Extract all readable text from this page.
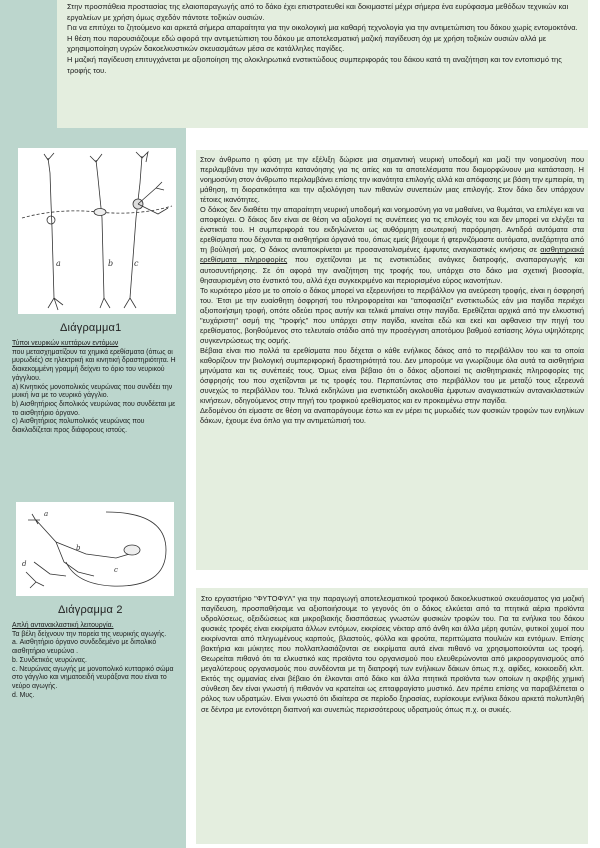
Στην προσπάθεια προστασίας της ελαιοπαραγωγής από το δάκο έχει επιστρατευθεί και δοκιμαστεί μέχρι σήμερα ένα ευρύφασμα μεθόδων τεχνικών και εργαλείων με χρήση όμως σχεδόν πάντοτε τοξικών ουσιών.

Για να επιτύχει το ζητούμενο και αρκετά σήμερα απαραίτητα για την οικολογική μια καθαρή τεχνολογία για την αντιμετώπιση του δάκου χωρίς εντομοκτόνα.

Η θέση που παρουσιάζουμε εδώ αφορά την αντιμετώπιση του δάκου με αποτελεσματική μαζική παγίδευση όχι με χρήση τοξικών ουσιών αλλά με χρησιμοποίηση υγρών δακοελκυστικών σκευασμάτων μέσα σε κατάλληλες παγίδες.

Η μαζική παγίδευση επιτυγχάνεται με αξιοποίηση της ολοκληρωτικά ενστικτώδους συμπεριφοράς του δάκου κατά τη αναζήτηση και τον εντοπισμό της τροφής του.

a	b	c
Διάγραμμα1
Τύποι νευρικών κυττάρων εντόμων
που μετασχηματίζουν τα χημικά ερεθίσματα (όπως οι μυρωδιές) σε ηλεκτρική και κινητική δραστηριότητα. Η διακεκομμένη γραμμή δείχνει το όριο του νευρικού γάγγλιου.
a) Κινητικός μονοπολικός νευρώνας που συνδέει την μυική ίνα με το νευρικό γάγγλιο.
b) Αισθητήριος διπολικός νευρώνας που συνδέεται με το αισθητήριο όργανο.
c) Αισθητήριος πολυπολικός νευρώνας που διακλαδίζεται προς διάφορους ιστούς.

Στον άνθρωπο η φύση με την εξέλιξη δώρισε μια σημαντική νευρική υποδομή και μαζί την νοημοσύνη που περιλαμβάνει την ικανότητα κατανόησης για τις αιτίες και τα αποτελέσματα που διαμορφώνουν μια κατάσταση. Η νοημοσύνη στον άνθρωπο περιλαμβάνει επίσης την ικανότητα επιλογής αλλά και απόφασης με βάση την εμπειρία, τη μάθηση, τη διορατικότητα και την αξιολόγηση των πιθανών συνεπειών μιας επιλογής. Στον δάκο δεν υπάρχουν τέτοιες ικανότητες.

Ο δάκος δεν διαθέτει την απαραίτητη νευρική υποδομή και νοημοσύνη για να μαθαίνει, να θυμάται, να επιλέγει και να αποφεύγει. Ο δάκος δεν είναι σε θέση να αξιολογεί τις συνέπειες για τις επιλογές του και δεν μπορεί να ελέγξει τα ένστικτά του. Η συμπεριφορά του εκδηλώνεται ως αυθόρμητη εσωτερική παρόρμηση. Αντιδρά αυτόματα στα ερεθίσματα που δέχονται τα αισθητήρια όργανά του, όπως εμείς βήχουμε ή φτερνιζόμαστε αυτόματα, ανεξάρτητα από τη βούλησή μας. Ο δάκος ανταποκρίνεται με προσανατολισμένες έμφυτες αναγκαστικές κινήσεις σε αισθητηριακά ερεθίσματα πληροφορίες που σχετίζονται με τις ενστικτώδεις ανάγκες διατροφής, αναπαραγωγής και αυτοσυντήρησης. Σε ότι αφορά την αναζήτηση της τροφής του, υπάρχει στο δάκο μια σχετική βιοσοφία, θησαυρισμένη στο ένστικτό του, αλλά έχει συγκεκριμένο και περιορισμένο εύρος ικανοτήτων.

Το κυριότερο μέσο με το οποίο ο δάκος μπορεί να εξερευνήσει το περιβάλλον για ανεύρεση τροφής, είναι η όσφρησή του. Έτσι με την ευαίσθητη όσφρησή του πληροφορείται και "αποφασίζει" ενστικτωδώς εάν μια παγίδα περιέχει αξιοποιήσιμη τροφή, οπότε οδεύει προς αυτήν και τελικά μπαίνει στην παγίδα. Ερεθίζεται αρχικά από την ελκυστική "ευχάριστη" οσμή της "τροφής" που υπάρχει στην παγίδα, κινείται εδώ και εκεί και αφθανεισ την πηγή του ερεθίσματος, βοηθούμενος στο τελευταίο στάδιο από την προσέγγιση αποτόμου βαθμού εστίασης λόγω υψηλότερης συγκεντρώσεως της οσμής.

Βέβαια είναι πιο πολλά τα ερεθίσματα που δέχεται ο κάθε ενήλικος δάκος από το περιβάλλον του και τα οποία καθορίζουν την βιολογική συμπεριφορική δραστηριότητά του. Δεν μπορούμε να γνωρίζουμε όλα αυτά τα αισθητήρια μηνύματα και τις συνέπειές τους. Όμως είναι βέβαιο ότι ο δάκος αξιοποιεί τις αισθητηριακές πληροφορίες της όσφρησής του που σχετίζονται με τις τροφές του. Περπατώντας στο περιβάλλον του με μεταξύ τους εξερευνά συνεχώς το περιβάλλον του. Τελικά εκδηλώνει μια ενστικτώδη ακολουθία έμφυτων αναγκαστικών αντανακλαστικών κινήσεων, οδηγούμενος στην πηγή του τροφικού ερεθίσματος και εν προκειμένω στην παγίδα.

Δεδομένου ότι είμαστε σε θέση να αναπαράγουμε έστω και εν μέρει τις μυρωδιές των φυσικών τροφών των ενηλίκων δάκων, έχουμε ένα όπλο για την αντιμετώπισή του.

a
b
c
d
Διάγραμμα 2
Απλή αντανακλαστική λειτουργία.
Τα βέλη δείχνουν την πορεία της νευρικής αγωγής.
a. Αισθητήριο όργανο συνδεδεμένο με διπολικό αισθητήριο νευρώνα .
b. Συνδετικός νευρώνας.
c. Νευρώνας αγωγής με μονοπολικό κυτταρικό σώμα στο γάγγλιο και νηματοειδή νευράξονα που είναι το νεύρο αγωγής.
d. Μυς.

Στο εργαστήριο "ΦΥΤΟΦΥΛ" για την παραγωγή αποτελεσματικού τροφικού δακοελκυστικού σκευάσματος για μαζική παγίδευση, προσπαθήσαμε να αξιοποιήσουμε το γεγονός ότι ο δάκος ελκύεται από τα πτητικά αέρια προϊόντα υδρολύσεως, οξειδώσεως και μικροβιακής διασπάσεως γνωστών φυσικών τροφών του. Για τα ενήλικα του δάκου φυσικές τροφές είναι εκκρίματα άλλων εντόμων, εκκρίσεις νέκταρ από άνθη και άλλα μέρη φυτών, φυτικοί χυμοί που εκκρίνονται από πληγωμένους καρπούς, βλαστούς, φύλλα και φρούτα, περιττώματα πουλιών και εντόμων. Επίσης βακτήρια και μύκητες που πολλαπλασιάζονται σε εκκρίματα αυτά είναι πιθανό να χρησιμοποιούνται ως τροφή. Θεωρείται πιθανό ότι τα ελκυστικό κας προϊόντα του οργανισμού που ελευθερώνονται από μικροοργανισμούς από μεγαλύτερους οργανισμούς που συνδέονται με τη διατροφή των ενήλικων δάκων όπως π.χ. αφίδες, κοκκοειδή κλπ. Εκτός της ομμανίας είναι βέβαιο ότι έλκονται από δάκο και άλλα πτητικά προϊόντα των οποίων η ακριβής χημική σύνθεση δεν είναι γνωστή ή πιθανόν να κρατείται ως επταφραγίστο μυστικό. Δεν πρέπει επίσης να παραβλέπεται ο ρόλος των υδρατμών. Είναι γνωστό ότι ιδιαίτερα σε περίοδο ξηρασίας, ευρίσκουμε ενήλικα δάκου αρκετά πολυπληθή σε δέντρα με εντονότερη διαπνοή και συνεπώς περισσότερους υδρατμούς όπως π.χ. οι συκιές.
